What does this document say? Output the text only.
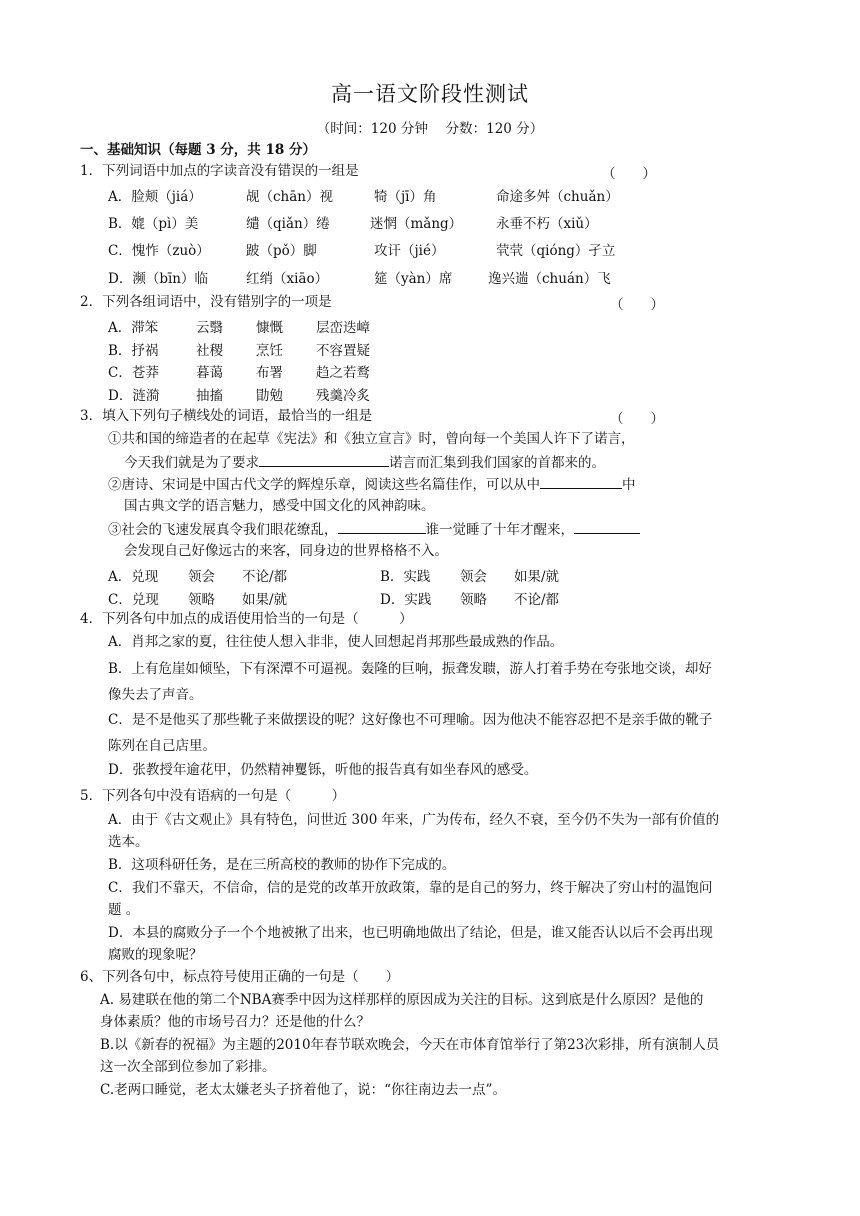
高一语文阶段性测试
（时间：120 分钟　 分数：120 分）
一、基础知识（每题 3 分，共 18 分）
1．下列词语中加点的字读音没有错误的一组是	（　　）
A．脸颊（jiá）	觇（chān）视	犄（jī）角	命途多舛（chuǎn）
B．媲（pì）美	缱（qiǎn）绻	迷惘（mǎng）	永垂不朽（xiǔ）
C．愧怍（zuò）	跛（pǒ）脚	攻讦（jié）	茕茕（qióng）孑立
D．濒（bīn）临	红绡（xiāo）	筵（yàn）席	逸兴遄（chuán）飞
2．下列各组词语中，没有错别字的一项是	（　　）
A．滞笨	云翳 慷慨 层峦迭嶂
B．抒祸	社稷 烹饪 不容置疑
C．苍莽	暮蔼 布署 趋之若鹜
D．涟漪	抽搐 勖勉 残羹冷炙
3．填入下列句子横线处的词语，最恰当的一组是	（　　）
①共和国的缔造者的在起草《宪法》和《独立宣言》时，曾向每一个美国人许下了诺言，
今天我们就是为了要求	诺言而汇集到我们国家的首都来的。
②唐诗、宋词是中国古代文学的辉煌乐章，阅读这些名篇佳作，可以从中	中
国古典文学的语言魅力，感受中国文化的风神韵味。
③社会的飞速发展真令我们眼花缭乱，	谁一觉睡了十年才醒来，
会发现自己好像远古的来客，同身边的世界格格不入。
A．兑现 领会 不论/都	B．实践 领会 如果/就
C．兑现 领略 如果/就	D．实践 领略 不论/都
4．下列各句中加点的成语使用恰当的一句是（　　　）
A．肖邦之家的夏，往往使人想入非非，使人回想起肖邦那些最成熟的作品。
B．上有危崖如倾坠，下有深潭不可逼视。轰隆的巨响，振聋发聩，游人打着手势在夸张地交谈，却好
像失去了声音。
C．是不是他买了那些靴子来做摆设的呢？这好像也不可理喻。因为他决不能容忍把不是亲手做的靴子
陈列在自己店里。
D．张教授年逾花甲，仍然精神矍铄，听他的报告真有如坐春风的感受。
5．下列各句中没有语病的一句是（　　　）
A．由于《古文观止》具有特色，问世近 300 年来，广为传布，经久不衰，至今仍不失为一部有价值的
选本。
B．这项科研任务，是在三所高校的教师的协作下完成的。
C．我们不靠天，不信命，信的是党的改革开放政策，靠的是自己的努力，终于解决了穷山村的温饱问
题 。
D．本县的腐败分子一个个地被揪了出来，也已明确地做出了结论，但是，谁又能否认以后不会再出现
腐败的现象呢？
6、下列各句中，标点符号使用正确的一句是（　　）
A. 易建联在他的第二个NBA赛季中因为这样那样的原因成为关注的目标。这到底是什么原因？是他的
身体素质？他的市场号召力？还是他的什么？
B.以《新春的祝福》为主题的2010年春节联欢晚会，今天在市体育馆举行了第23次彩排，所有演制人员
这一次全部到位参加了彩排。
C.老两口睡觉，老太太嫌老头子挤着他了，说：“你往南边去一点”。
